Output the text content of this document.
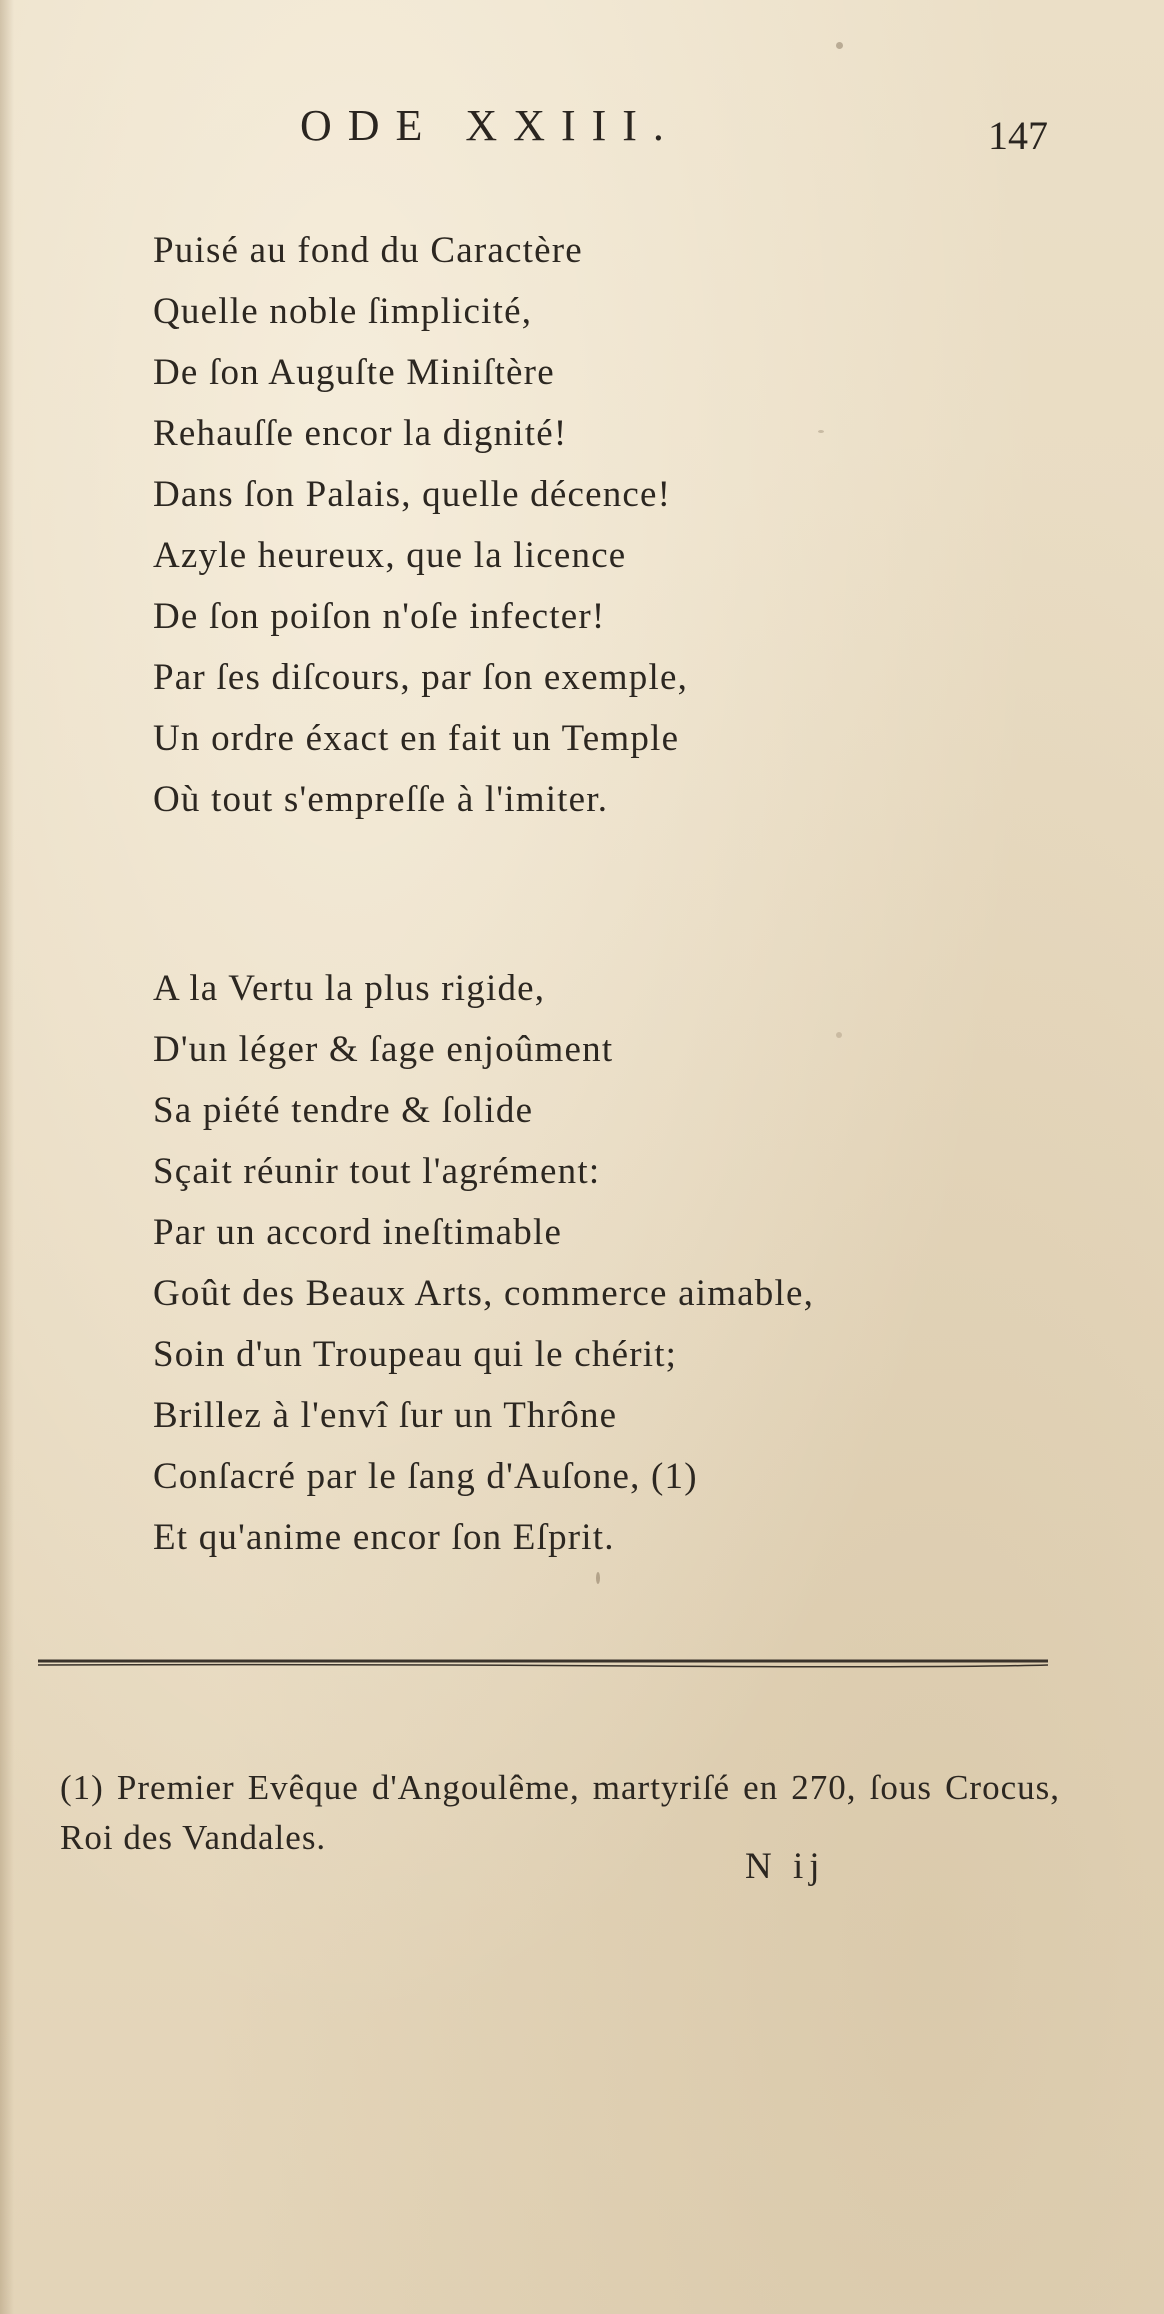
ODE XXIII.	147
Puisé au fond du Caractère
Quelle noble ſimplicité,
De ſon Auguſte Miniſtère
Rehauſſe encor la dignité!
Dans ſon Palais, quelle décence!
Azyle heureux, que la licence
De ſon poiſon n'oſe infecter!
Par ſes diſcours, par ſon exemple,
Un ordre éxact en fait un Temple
Où tout s'empreſſe à l'imiter.
A la Vertu la plus rigide,
D'un léger & ſage enjoûment
Sa piété tendre & ſolide
Sçait réunir tout l'agrément:
Par un accord ineſtimable
Goût des Beaux Arts, commerce aimable,
Soin d'un Troupeau qui le chérit;
Brillez à l'envî ſur un Thrône
Conſacré par le ſang d'Auſone, (1)
Et qu'anime encor ſon Eſprit.

(1) Premier Evêque d'Angoulême, martyriſé en 270, ſous Crocus, Roi des Vandales.

N ij
